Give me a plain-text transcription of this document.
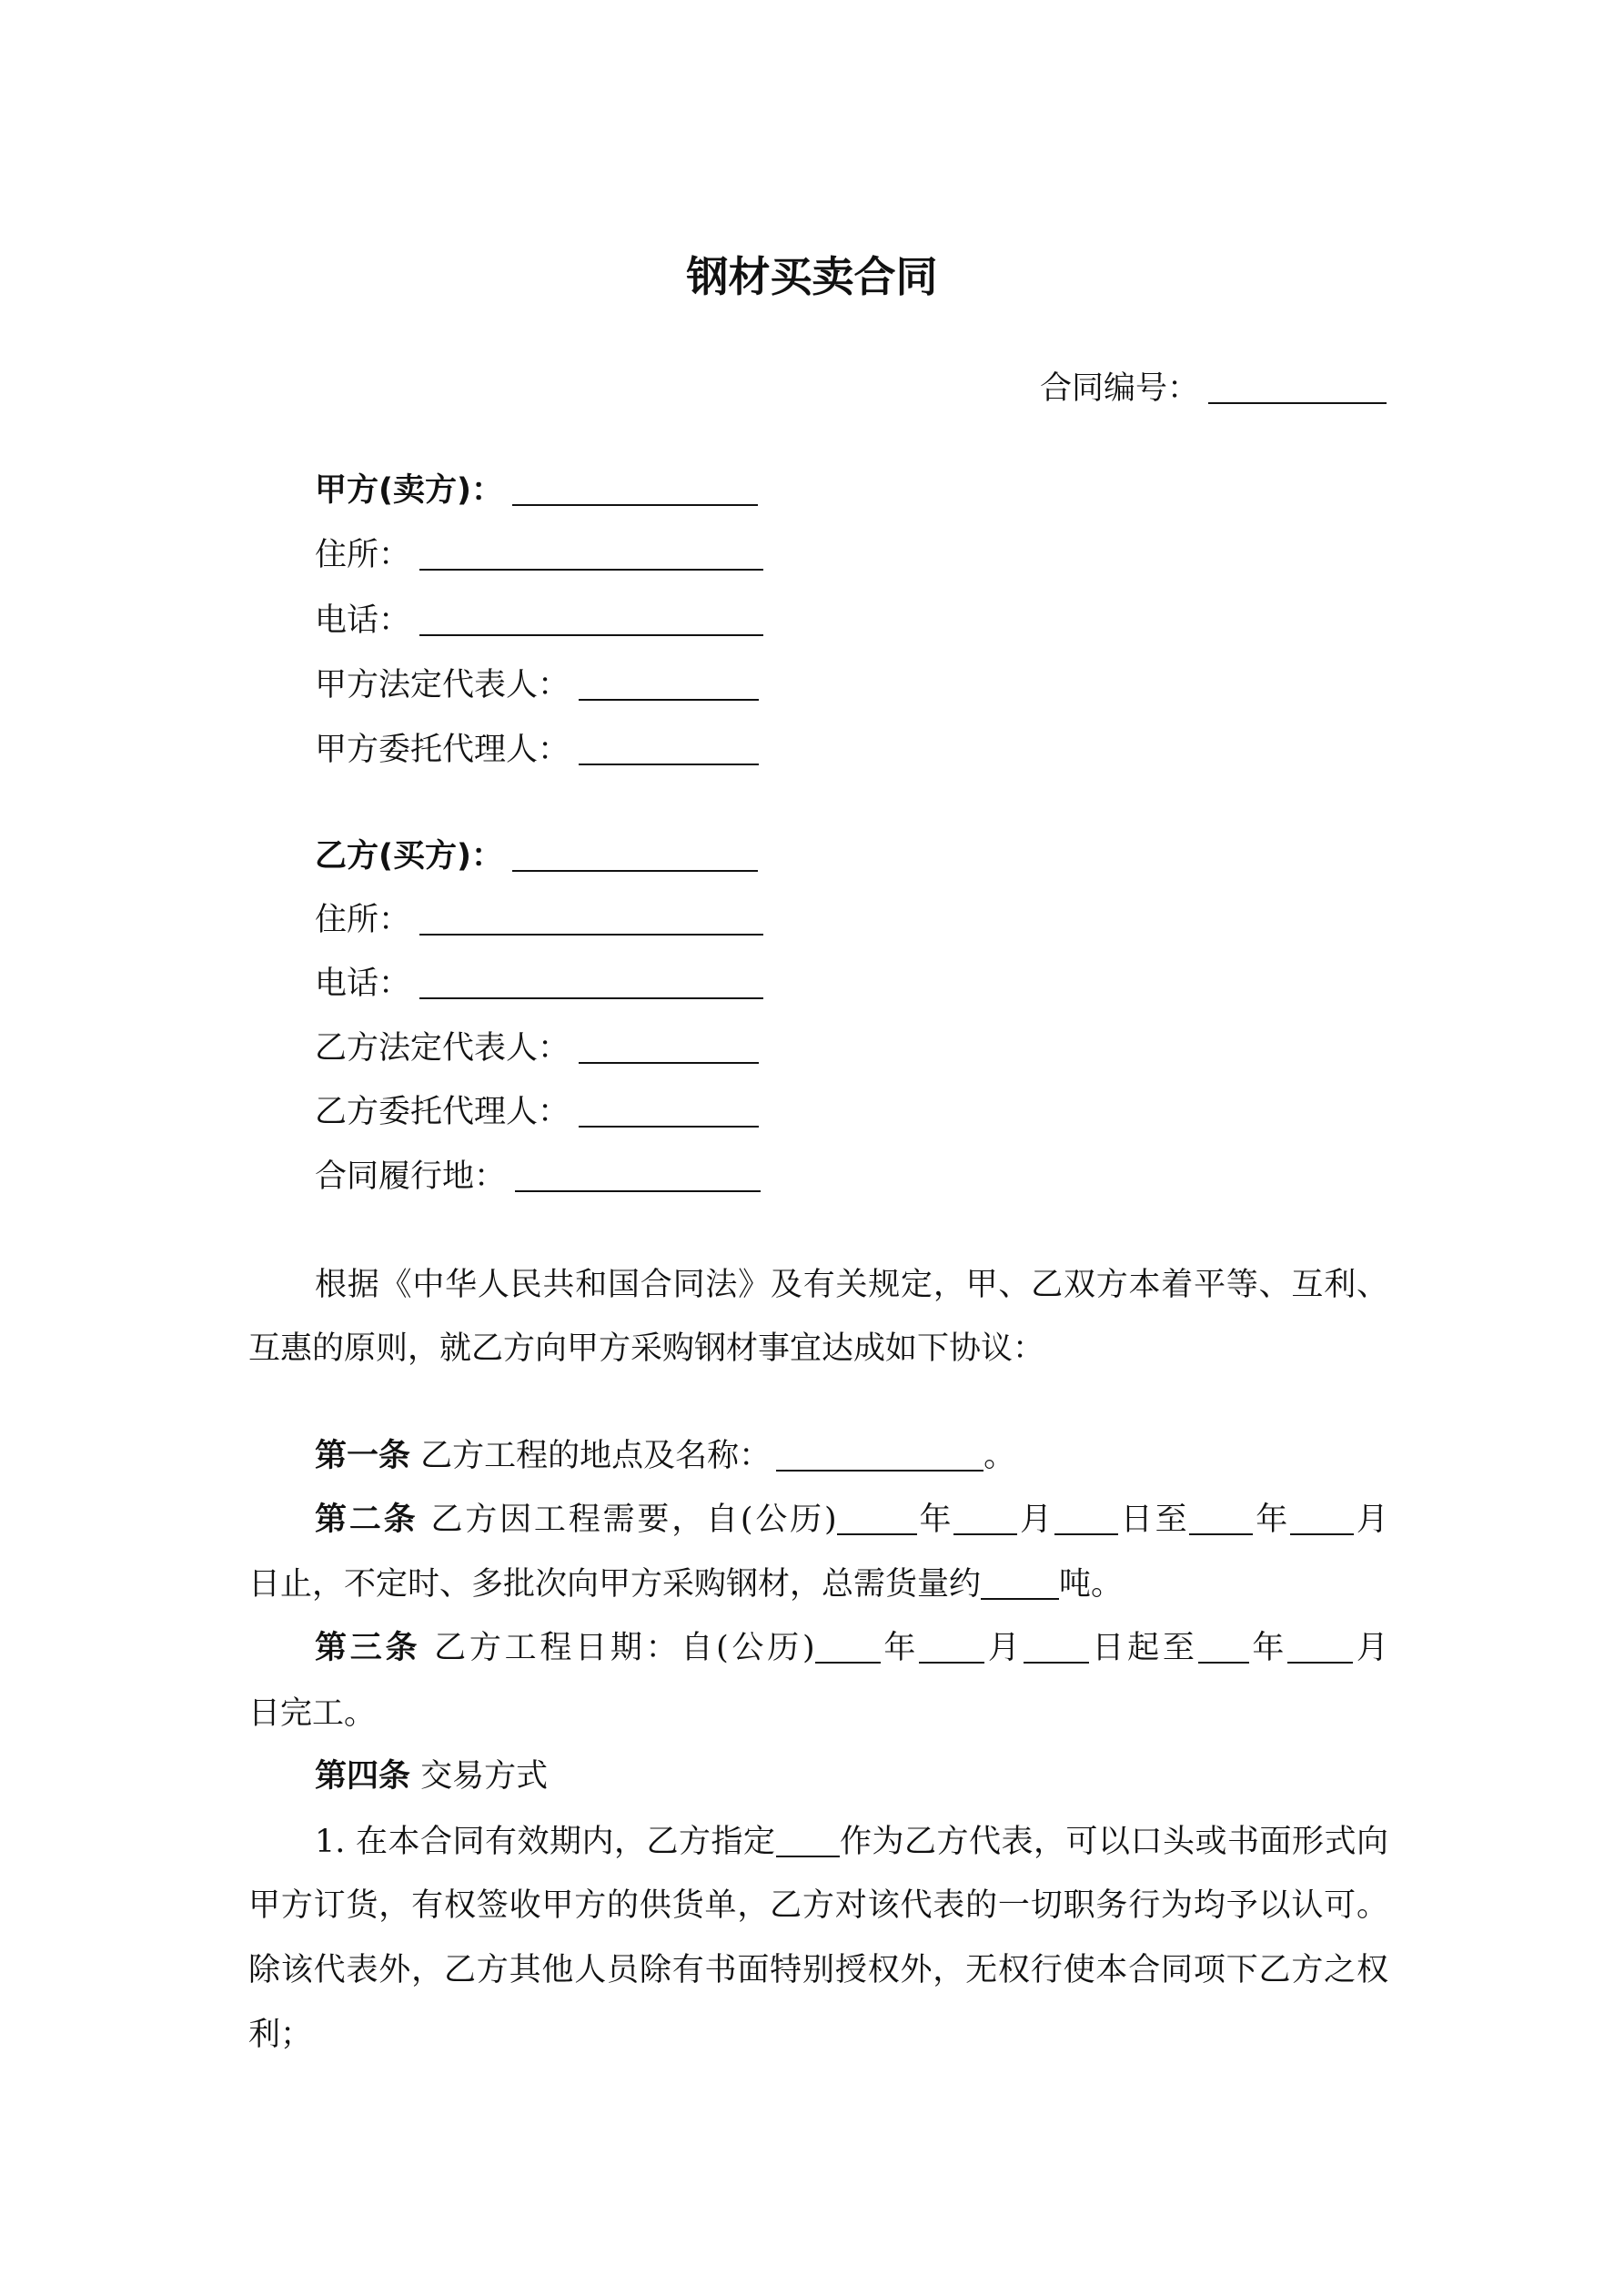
钢材买卖合同
合同编号：
甲方(卖方)：
住所：
电话：
甲方法定代表人：
甲方委托代理人：
乙方(买方)：
住所：
电话：
乙方法定代表人：
乙方委托代理人：
合同履行地：
根据《中华人民共和国合同法》及有关规定，甲、乙双方本着平等、互利、
互惠的原则，就乙方向甲方采购钢材事宜达成如下协议：
第一条 乙方工程的地点及名称：	。
第二条 乙方因工程需要，自(公历)	年 月 日至 年 月
日止，不定时、多批次向甲方采购钢材，总需货量约 吨。
第三条 乙方工程日期：自(公历) 年 月 日起至 年 月
日完工。
第四条 交易方式
1. 在本合同有效期内，乙方指定 作为乙方代表，可以口头或书面形式向
甲方订货，有权签收甲方的供货单，乙方对该代表的一切职务行为均予以认可。
除该代表外，乙方其他人员除有书面特别授权外，无权行使本合同项下乙方之权
利；
